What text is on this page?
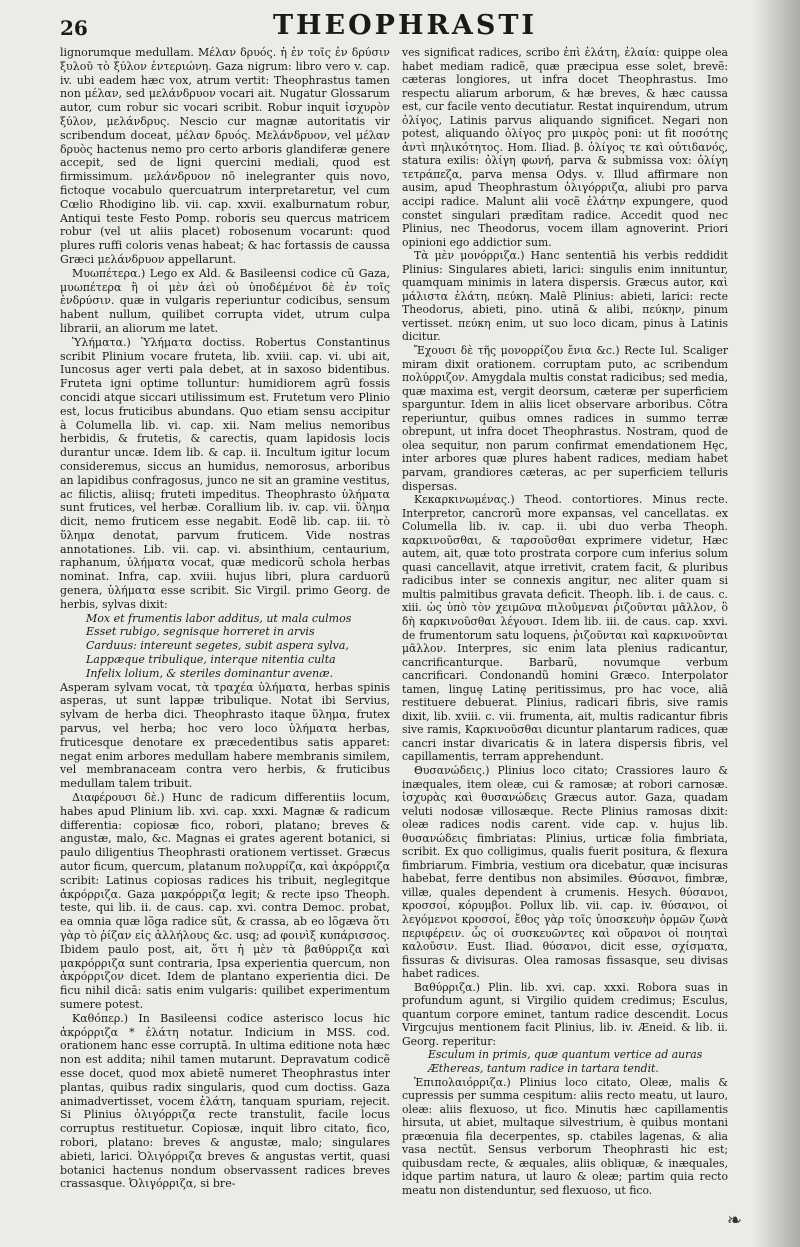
26	THEOPHRASTI

lignorumque medullam. Μέλαν δρυός. ἡ ἐν τοῖς ἐν δρύσιν ξυλοῦ τὸ ξύλον ἐντεριώνη. Gaza nigrum: libro vero v. cap. iv. ubi eadem hæc vox, atrum vertit: Theophrastus tamen non μέλαν, sed μελάνδρυον vocari ait. Nugatur Glossarum autor, cum robur sic vocari scribit. Robur inquit ἰσχυρὸν ξύλον, μελάνδρυς. Nescio cur magnæ autoritatis vir scribendum doceat, μέλαν δρυός. Μελάνδρυον, vel μέλαν δρυὸς hactenus nemo pro certo arboris glandiferæ genere accepit, sed de ligni quercini mediali, quod est firmissimum. μελάνδρυον nō inelegranter quis novo, fictoque vocabulo quercuatrum interpretaretur, vel cum Cœlio Rhodigino lib. vii. cap. xxvii. exalburnatum robur, Antiqui teste Festo Pomp. roboris seu quercus matricem robur (vel ut aliis placet) robosenum vocarunt: quod plures ruffi coloris venas habeat; & hac fortassis de caussa Græci μελάνδρυον appellarunt.

Μυωπέτερα.) Lego ex Ald. & Basileensi codice cũ Gaza, μυωπέτερα ἢ οἱ μὲν ἀεὶ οὐ ὑποδέμένοι δὲ ἐν τοῖς ἐνδρύσιν. quæ in vulgaris reperiuntur codicibus, sensum habent nullum, quilibet corrupta videt, utrum culpa librarii, an aliorum me latet.

Ὑλήματα.) Ὑλήματα doctiss. Robertus Constantinus scribit Plinium vocare fruteta, lib. xviii. cap. vi. ubi ait, Iuncosus ager verti pala debet, at in saxoso bidentibus. Fruteta igni optime tolluntur: humidiorem agrũ fossis concidi atque siccari utilissimum est. Frutetum vero Plinio est, locus fruticibus abundans. Quo etiam sensu accipitur à Columella lib. vi. cap. xii. Nam melius nemoribus herbidis, & frutetis, & carectis, quam lapidosis locis durantur uncæ. Idem lib. & cap. ii. Incultum igitur locum consideremus, siccus an humidus, nemorosus, arboribus an lapidibus confragosus, junco ne sit an gramine vestitus, ac filictis, aliisq; fruteti impeditus. Theophrasto ὑλήματα sunt frutices, vel herbæ. Corallium lib. iv. cap. vii. ὕλημα dicit, nemo fruticem esse negabit. Eodẽ lib. cap. iii. τὸ ὕλημα denotat, parvum fruticem. Vide nostras annotationes. Lib. vii. cap. vi. absinthium, centaurium, raphanum, ὑλήματα vocat, quæ medicorũ schola herbas nominat. Infra, cap. xviii. hujus libri, plura carduorũ genera, ὑλήματα esse scribit. Sic Virgil. primo Georg. de herbis, sylvas dixit:

Mox et frumentis labor additus, ut mala culmos
Esset rubigo, segnisque horreret in arvis
Carduus: intereunt segetes, subit aspera sylva,
Lappæque tribulique, interque nitentia culta
Infelix lolium, & steriles dominantur avenæ.

Asperam sylvam vocat, τὰ τραχέα ὑλήματα, herbas spinis asperas, ut sunt lappæ tribulique. Notat ibi Servius, sylvam de herba dici. Theophrasto itaque ὕλημα, frutex parvus, vel herba; hoc vero loco ὑλήματα herbas, fruticesque denotare ex præcedentibus satis apparet: negat enim arbores medullam habere membranis similem, vel membranaceam contra vero herbis, & fruticibus medullam talem tribuit.

Διαφέρουσι δὲ.) Hunc de radicum differentiis locum, habes apud Plinium lib. xvi. cap. xxxi. Magnæ & radicum differentia: copiosæ fico, robori, platano; breves & angustæ, malo, &c. Magnas ei grates agerent botanici, si paulo diligentius Theophrasti orationem vertisset. Græcus autor ficum, quercum, platanum πολυρρίζα, καὶ ἀκρόρριζα scribit: Latinus copiosas radices his tribuit, neglegitque ἀκρόρριζα. Gaza μακρόρριζα legit; & recte ipso Theoph. teste, qui lib. ii. de caus. cap. xvi. contra Democ. probat, ea omnia quæ lõga radice sũt, & crassa, ab eo lõgæva ὅτι γὰρ τὸ ῥίζαν εἰς ἀλλήλους &c. usq; ad φοινὶξ κυπάρισσος. Ibidem paulo post, ait, ὅτι ἡ μὲν τὰ βαθύρριζα καὶ μακρόρριζα sunt contraria, Ipsa experientia quercum, non ἀκρόρριζον dicet. Idem de plantano experientia dici. De ficu nihil dicā: satis enim vulgaris: quilibet experimentum sumere potest.

Καθόπερ.) In Basileensi codice asterisco locus hic ἀκρόρριζα * ἐλάτη notatur. Indicium in MSS. cod. orationem hanc esse corruptā. In ultima editione nota hæc non est addita; nihil tamen mutarunt. Depravatum codicẽ esse docet, quod mox abietẽ numeret Theophrastus inter plantas, quibus radix singularis, quod cum doctiss. Gaza animadvertisset, vocem ἐλάτη, tanquam spuriam, rejecit. Si Plinius ὀλιγόρριζα recte transtulit, facile locus corruptus restituetur. Copiosæ, inquit libro citato, fico, robori, platano: breves & angustæ, malo; singulares abieti, larici. Ὀλιγόρριζα breves & angustas vertit, quasi botanici hactenus nondum observassent radices breves crassasque. Ὀλιγόρριζα, si bre-

ves significat radices, scribo ἐπὶ ἐλάτη, ἐλαία: quippe olea habet mediam radicẽ, quæ præcipua esse solet, brevẽ: cæteras longiores, ut infra docet Theophrastus. Imo respectu aliarum arborum, & hæ breves, & hæc caussa est, cur facile vento decutiatur. Restat inquirendum, utrum ὀλίγος, Latinis parvus aliquando significet. Negari non potest, aliquando ὀλίγος pro μικρὸς poni: ut fit ποσότης ἀντὶ πηλικότητος. Hom. Iliad. β. ὀλίγος τε καὶ οὐτιδανός, statura exilis: ὀλίγη φωνή, parva & submissa vox: ὀλίγη τετράπεζα, parva mensa Odys. v. Illud affirmare non ausim, apud Theophrastum ὀλιγόρριζα, aliubi pro parva accipi radice. Malunt alii vocẽ ἐλάτην expungere, quod constet singulari prædītam radice. Accedit quod nec Plinius, nec Theodorus, vocem illam agnoverint. Priori opinioni ego addictior sum.

Τὰ μὲν μονόρριζα.) Hanc sententiā his verbis reddidit Plinius: Singulares abieti, larici: singulis enim innituntur, quamquam minimis in latera dispersis. Græcus autor, καὶ μάλιστα ἐλάτη, πεύκη. Malẽ Plinius: abieti, larici: recte Theodorus, abieti, pino. utinā & alibi, πεύκην, pinum vertisset. πεύκη enim, ut suo loco dicam, pinus à Latinis dicitur.

Ἔχουσι δὲ τῆς μονορρίζου ἔνια &c.) Recte Iul. Scaliger miram dixit orationem. corruptam puto, ac scribendum πολύρριζον. Amygdala multis constat radicibus; sed media, quæ maxima est, vergit deorsum, cæteræ per superficiem sparguntur. Idem in aliis licet observare arboribus. Cõtra reperiuntur, quibus omnes radices in summo terræ obrepunt, ut infra docet Theophrastus. Nostram, quod de olea sequitur, non parum confirmat emendationem Hęc, inter arbores quæ plures habent radices, mediam habet parvam, grandiores cæteras, ac per superficiem telluris dispersas.

Κεκαρκινωμένας.) Theod. contortiores. Minus recte. Interpretor, cancrorũ more expansas, vel cancellatas. ex Columella lib. iv. cap. ii. ubi duo verba Theoph. καρκινοῦσθαι, & ταρσοῦσθαι exprimere videtur, Hæc autem, ait, quæ toto prostrata corpore cum inferius solum quasi cancellavit, atque irretivit, cratem facit, & pluribus radicibus inter se connexis angitur, nec aliter quam si multis palmitibus gravata deficit. Theoph. lib. i. de caus. c. xiii. ὡς ὑπὸ τὸν χειμῶνα πιλοῦμεναι ῥιζοῦνται μᾶλλον, ὃ δὴ καρκινοῦσθαι λέγουσι. Idem lib. iii. de caus. cap. xxvi. de frumentorum satu loquens, ῥιζοῦνται καὶ καρκινοῦνται μᾶλλον. Interpres, sic enim lata plenius radicantur, cancrificanturque. Barbarũ, novumque verbum cancrificari. Condonandũ homini Græco. Interpolator tamen, linguę Latinę peritissimus, pro hac voce, aliā restituere debuerat. Plinius, radicari fibris, sive ramis dixit, lib. xviii. c. vii. frumenta, ait, multis radicantur fibris sive ramis, Καρκινοῦσθαι dicuntur plantarum radices, quæ cancri instar divaricatis & in latera dispersis fibris, vel capillamentis, terram apprehendunt.

Θυσανώδεις.) Plinius loco citato; Crassiores lauro & inæquales, item oleæ, cui & ramosæ; at robori carnosæ. ἰσχυρὰς καὶ θυσανώδεις Græcus autor. Gaza, quadam veluti nodosæ villosæque. Recte Plinius ramosas dixit: oleæ radices nodis carent. vide cap. v. hujus lib. θυσανώδεις fimbriatas: Plinius, urticæ folia fimbriata, scribit. Ex quo colligimus, qualis fuerit positura, & flexura fimbriarum. Fimbria, vestium ora dicebatur, quæ incisuras habebat, ferre dentibus non absimiles. Θύσανοι, fimbræ, villæ, quales dependent à crumenis. Hesych. θύσανοι, κροσσοί, κόρυμβοι. Pollux lib. vii. cap. iv. θύσανοι, οἱ λεγόμενοι κροσσοί, ἔθος γὰρ τοῖς ὑποσκευὴν ὁρμῶν ζωνὰ περιφέρειν. ὧς οἱ συσκευῶντες καὶ οὔρανοι οἱ ποιηταὶ καλοῦσιν. Eust. Iliad. θύσανοι, dicit esse, σχίσματα, fissuras & divisuras. Olea ramosas fissasque, seu divisas habet radices.

Βαθύρριζα.) Plin. lib. xvi. cap. xxxi. Robora suas in profundum agunt, si Virgilio quidem credimus; Esculus, quantum corpore eminet, tantum radice descendit. Locus Virgcujus mentionem facit Plinius, lib. iv. Æneid. & lib. ii. Georg. reperitur:

Esculum in primis, quæ quantum vertice ad auras
Æthereas, tantum radice in tartara tendit.

Ἐπιπολαιόρριζα.) Plinius loco citato, Oleæ, malis & cupressis per summa cespitum: aliis recto meatu, ut lauro, oleæ: aliis flexuoso, ut fico. Minutis hæc capillamentis hirsuta, ut abiet, multaque silvestrium, è quibus montani præœnuia fila decerpentes, sp. ctabiles lagenas, & alia vasa nectūt. Sensus verborum Theophrasti hic est; quibusdam recte, & æquales, aliis obliquæ, & inæquales, idque partim natura, ut lauro & oleæ; partim quia recto meatu non distenduntur, sed flexuoso, ut fico.

❧
